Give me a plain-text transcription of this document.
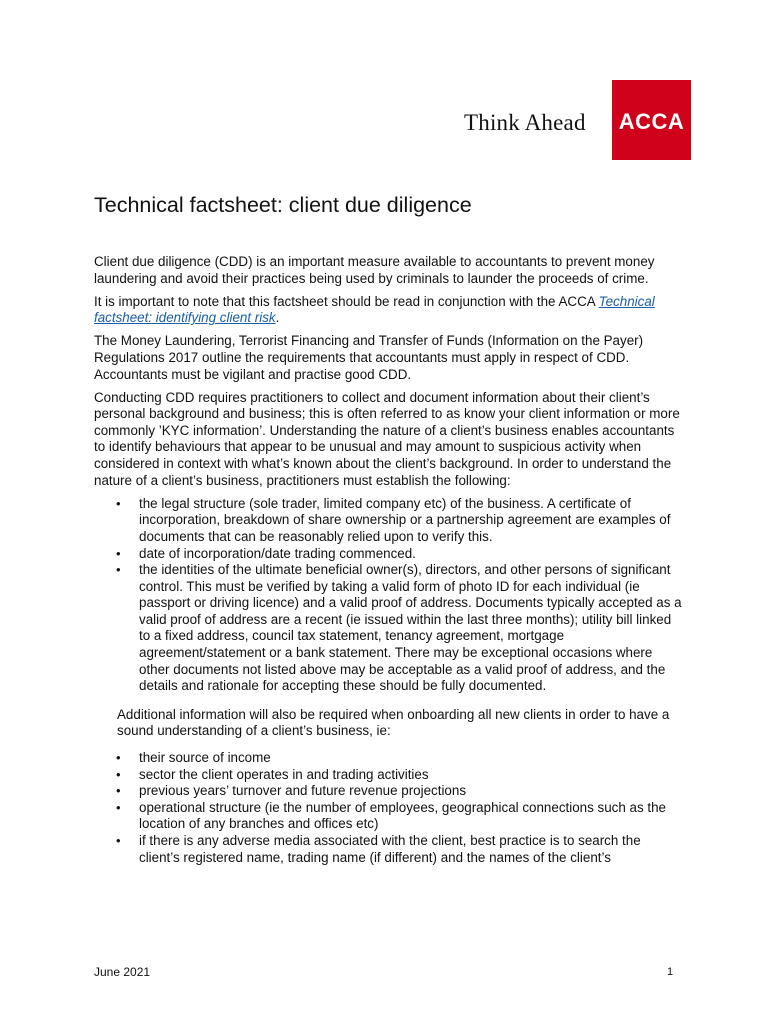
Think Ahead ACCA
Technical factsheet: client due diligence

Client due diligence (CDD) is an important measure available to accountants to prevent money laundering and avoid their practices being used by criminals to launder the proceeds of crime.

It is important to note that this factsheet should be read in conjunction with the ACCA Technical factsheet: identifying client risk.

The Money Laundering, Terrorist Financing and Transfer of Funds (Information on the Payer) Regulations 2017 outline the requirements that accountants must apply in respect of CDD. Accountants must be vigilant and practise good CDD.

Conducting CDD requires practitioners to collect and document information about their client’s personal background and business; this is often referred to as know your client information or more commonly ’KYC information’. Understanding the nature of a client’s business enables accountants to identify behaviours that appear to be unusual and may amount to suspicious activity when considered in context with what’s known about the client’s background. In order to understand the nature of a client’s business, practitioners must establish the following:

• the legal structure (sole trader, limited company etc) of the business. A certificate of incorporation, breakdown of share ownership or a partnership agreement are examples of documents that can be reasonably relied upon to verify this.
• date of incorporation/date trading commenced.
• the identities of the ultimate beneficial owner(s), directors, and other persons of significant control. This must be verified by taking a valid form of photo ID for each individual (ie passport or driving licence) and a valid proof of address. Documents typically accepted as a valid proof of address are a recent (ie issued within the last three months); utility bill linked to a fixed address, council tax statement, tenancy agreement, mortgage agreement/statement or a bank statement. There may be exceptional occasions where other documents not listed above may be acceptable as a valid proof of address, and the details and rationale for accepting these should be fully documented.

Additional information will also be required when onboarding all new clients in order to have a sound understanding of a client’s business, ie:

• their source of income
• sector the client operates in and trading activities
• previous years’ turnover and future revenue projections
• operational structure (ie the number of employees, geographical connections such as the location of any branches and offices etc)
• if there is any adverse media associated with the client, best practice is to search the client’s registered name, trading name (if different) and the names of the client’s
June 2021	1
